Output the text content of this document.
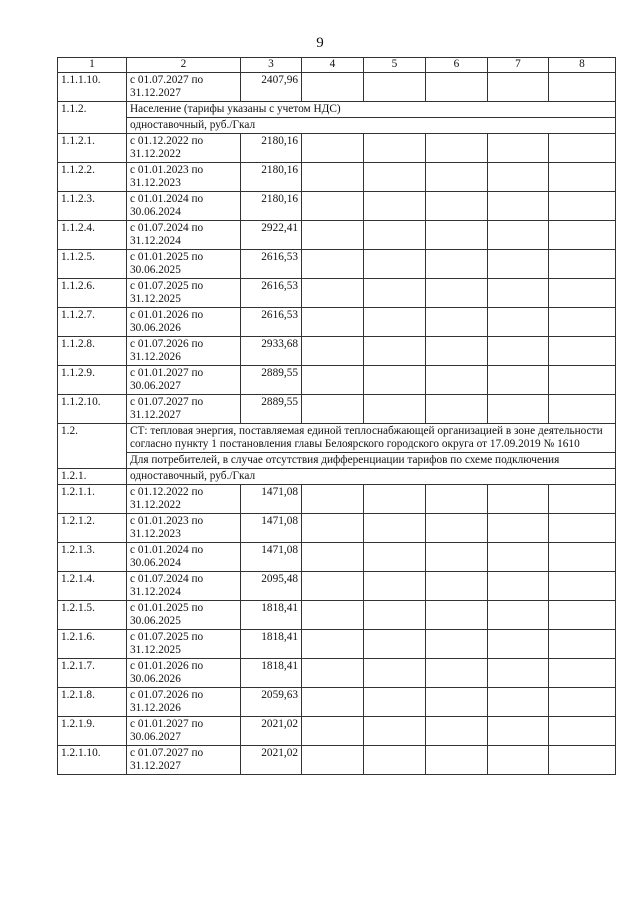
9
1	2	3	4	5	6	7	8
1.1.1.10.	с 01.07.2027 по 31.12.2027	2407,96					
1.1.2.	Население (тарифы указаны с учетом НДС)						
	одноставочный, руб./Гкал						
1.1.2.1.	с 01.12.2022 по 31.12.2022	2180,16					
1.1.2.2.	с 01.01.2023 по 31.12.2023	2180,16					
1.1.2.3.	с 01.01.2024 по 30.06.2024	2180,16					
1.1.2.4.	с 01.07.2024 по 31.12.2024	2922,41					
1.1.2.5.	с 01.01.2025 по 30.06.2025	2616,53					
1.1.2.6.	с 01.07.2025 по 31.12.2025	2616,53					
1.1.2.7.	с 01.01.2026 по 30.06.2026	2616,53					
1.1.2.8.	с 01.07.2026 по 31.12.2026	2933,68					
1.1.2.9.	с 01.01.2027 по 30.06.2027	2889,55					
1.1.2.10.	с 01.07.2027 по 31.12.2027	2889,55					
1.2.	СТ: тепловая энергия, поставляемая единой теплоснабжающей организацией в зоне деятельности согласно пункту 1 постановления главы Белоярского городского округа от 17.09.2019 № 1610						
	Для потребителей, в случае отсутствия дифференциации тарифов по схеме подключения						
1.2.1.	одноставочный, руб./Гкал						
1.2.1.1.	с 01.12.2022 по 31.12.2022	1471,08					
1.2.1.2.	с 01.01.2023 по 31.12.2023	1471,08					
1.2.1.3.	с 01.01.2024 по 30.06.2024	1471,08					
1.2.1.4.	с 01.07.2024 по 31.12.2024	2095,48					
1.2.1.5.	с 01.01.2025 по 30.06.2025	1818,41					
1.2.1.6.	с 01.07.2025 по 31.12.2025	1818,41					
1.2.1.7.	с 01.01.2026 по 30.06.2026	1818,41					
1.2.1.8.	с 01.07.2026 по 31.12.2026	2059,63					
1.2.1.9.	с 01.01.2027 по 30.06.2027	2021,02					
1.2.1.10.	с 01.07.2027 по 31.12.2027	2021,02					
